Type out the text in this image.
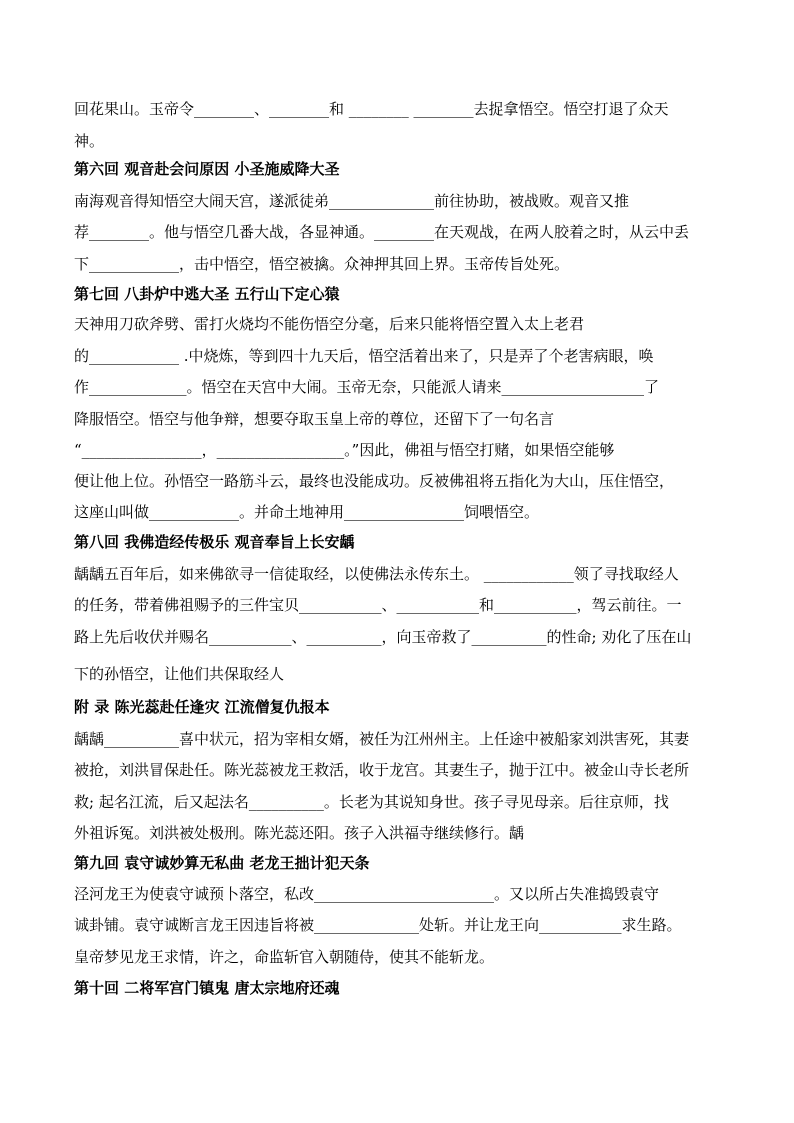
回花果山。玉帝令________、________和 ________ ________去捉拿悟空。悟空打退了众天
神。
第六回 观音赴会问原因 小圣施威降大圣
南海观音得知悟空大闹天宫，遂派徒弟______________前往协助，被战败。观音又推
荐________。他与悟空几番大战，各显神通。________在天观战，在两人胶着之时，从云中丢
下____________，击中悟空，悟空被擒。众神押其回上界。玉帝传旨处死。
第七回 八卦炉中逃大圣 五行山下定心猿
天神用刀砍斧劈、雷打火烧均不能伤悟空分毫，后来只能将悟空置入太上老君
的____________ .中烧炼，等到四十九天后，悟空活着出来了，只是弄了个老害病眼，唤
作_____________。悟空在天宫中大闹。玉帝无奈，只能派人请来___________________了
降服悟空。悟空与他争辩，想要夺取玉皇上帝的尊位，还留下了一句名言
“________________，_________________。”因此，佛祖与悟空打赌，如果悟空能够
便让他上位。孙悟空一路筋斗云，最终也没能成功。反被佛祖将五指化为大山，压住悟空，
这座山叫做____________。并命土地神用________________饲喂悟空。
第八回 我佛造经传极乐 观音奉旨上长安龋
龋龋五百年后，如来佛欲寻一信徒取经，以使佛法永传东土。 ____________领了寻找取经人
的任务，带着佛祖赐予的三件宝贝___________、___________和___________，驾云前往。一
路上先后收伏并赐名___________、__________，向玉帝救了__________的性命; 劝化了压在山
下的孙悟空，让他们共保取经人
附 录 陈光蕊赴任逢灾 江流僧复仇报本
龋龋__________喜中状元，招为宰相女婿，被任为江州州主。上任途中被船家刘洪害死，其妻
被抢，刘洪冒保赴任。陈光蕊被龙王救活，收于龙宫。其妻生子，抛于江中。被金山寺长老所
救; 起名江流，后又起法名__________。长老为其说知身世。孩子寻见母亲。后往京师，找
外祖诉冤。刘洪被处极刑。陈光蕊还阳。孩子入洪福寺继续修行。龋
第九回 袁守诚妙算无私曲 老龙王拙计犯天条
泾河龙王为使袁守诚预卜落空，私改________________________。又以所占失准捣毁袁守
诚卦铺。袁守诚断言龙王因违旨将被______________处斩。并让龙王向___________求生路。
皇帝梦见龙王求情，许之，命监斩官入朝随侍，使其不能斩龙。
第十回 二将军宫门镇鬼 唐太宗地府还魂
